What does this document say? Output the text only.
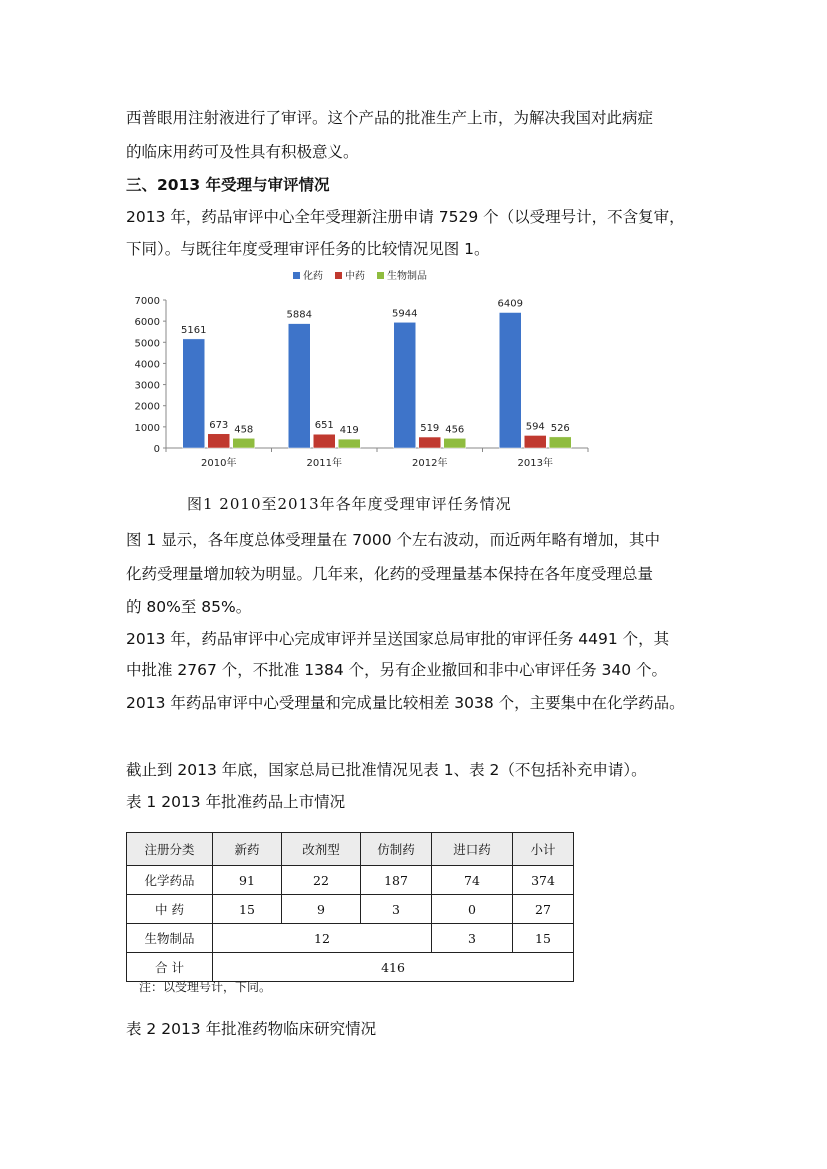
西普眼用注射液进行了审评。这个产品的批准生产上市，为解决我国对此病症
的临床用药可及性具有积极意义。
三、2013 年受理与审评情况
2013 年，药品审评中心全年受理新注册申请 7529 个（以受理号计，不含复审，
下同）。与既往年度受理审评任务的比较情况见图 1。
化药 中药 生物制品
0
1000
2000
3000
4000
5000
6000
7000
5161
673 458
2010年
5884
651 419
2011年
5944
519 456
2012年
6409
594 526
2013年
图1 2010至2013年各年度受理审评任务情况
图 1 显示，各年度总体受理量在 7000 个左右波动，而近两年略有增加，其中
化药受理量增加较为明显。几年来，化药的受理量基本保持在各年度受理总量
的 80%至 85%。
2013 年，药品审评中心完成审评并呈送国家总局审批的审评任务 4491 个，其
中批准 2767 个，不批准 1384 个，另有企业撤回和非中心审评任务 340 个。
2013 年药品审评中心受理量和完成量比较相差 3038 个，主要集中在化学药品。
截止到 2013 年底，国家总局已批准情况见表 1、表 2（不包括补充申请）。
表 1 2013 年批准药品上市情况
注册分类	新药	改剂型	仿制药	进口药	小计
化学药品	91	22	187	74	374
中 药	15	9	3	0	27
生物制品	12			3	15
合 计	416				
注：以受理号计，下同。
表 2 2013 年批准药物临床研究情况
